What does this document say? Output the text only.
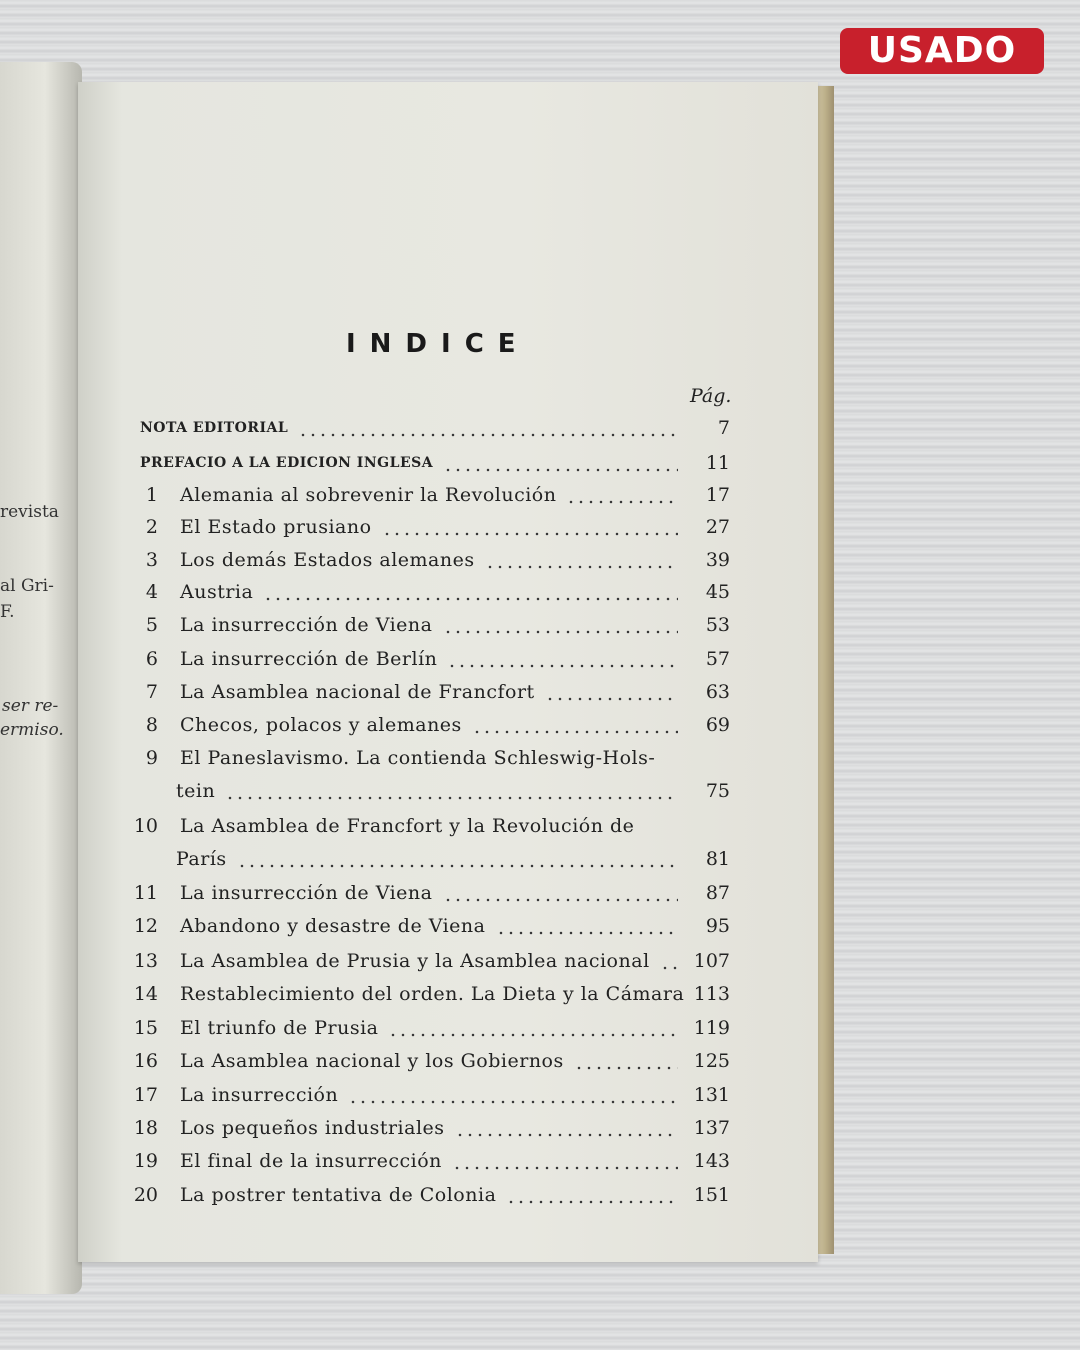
revista
al Gri-
F.
ser re-
ermiso.
USADO
INDICE
Pág.
NOTA EDITORIAL	7
PREFACIO A LA EDICION INGLESA	11
1 Alemania al sobrevenir la Revolución	17
2 El Estado prusiano	27
3 Los demás Estados alemanes	39
4 Austria	45
5 La insurrección de Viena	53
6 La insurrección de Berlín	57
7 La Asamblea nacional de Francfort	63
8 Checos, polacos y alemanes	69
9 El Paneslavismo. La contienda Schleswig-Hols-
tein	75
10 La Asamblea de Francfort y la Revolución de
París	81
11 La insurrección de Viena	87
12 Abandono y desastre de Viena	95
13 La Asamblea de Prusia y la Asamblea nacional 107
14 Restablecimiento del orden. La Dieta y la Cámara 113
15 El triunfo de Prusia	119
16 La Asamblea nacional y los Gobiernos	125
17 La insurrección	131
18 Los pequeños industriales	137
19 El final de la insurrección	143
20 La postrer tentativa de Colonia	151
